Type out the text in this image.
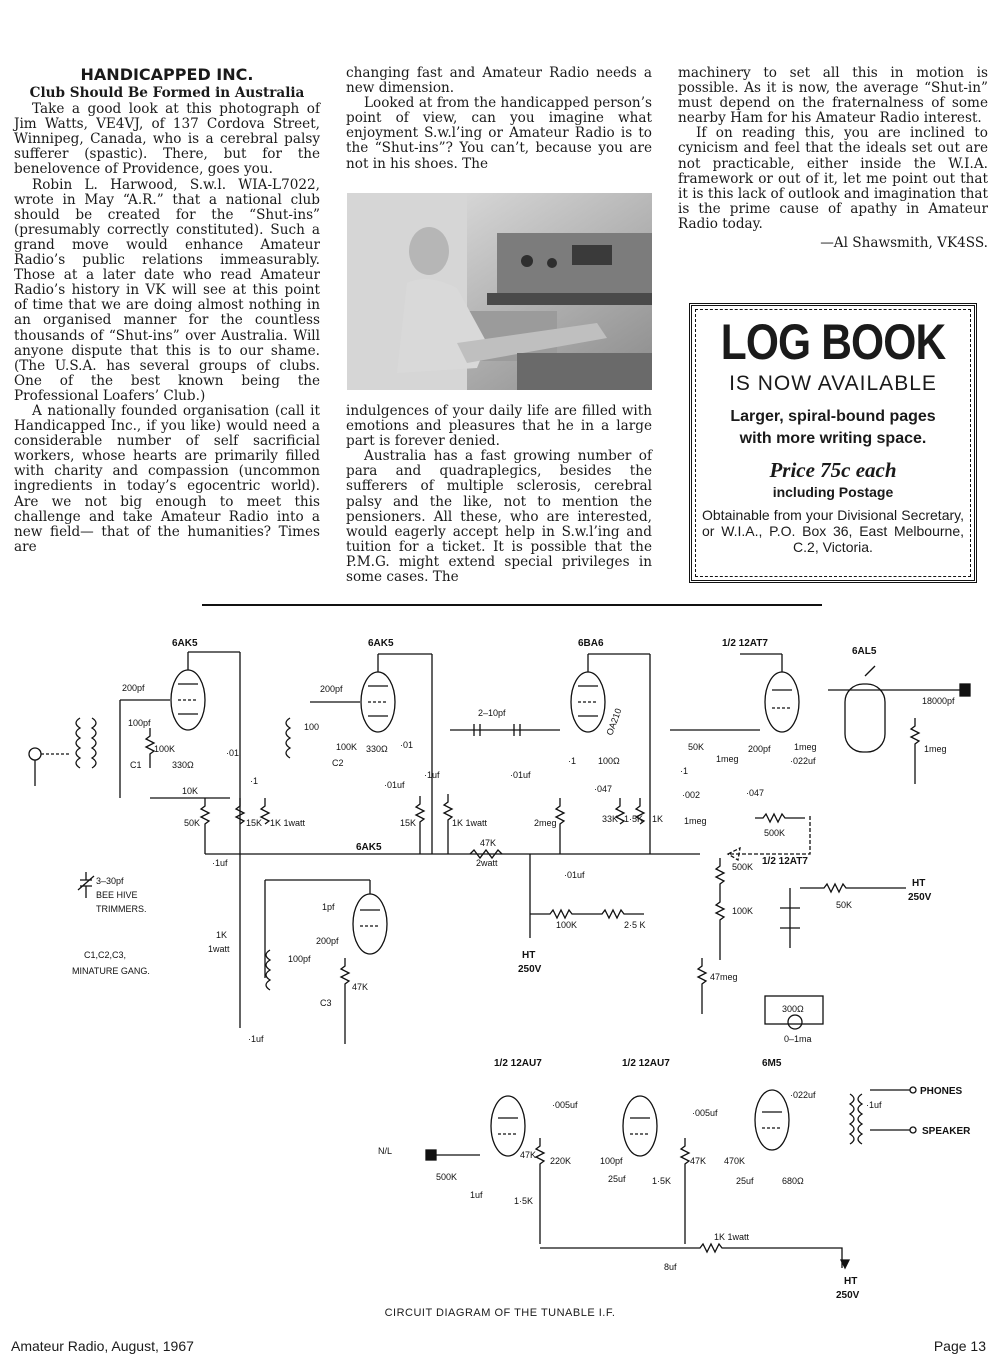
HANDICAPPED INC.
Club Should Be Formed in Australia

Take a good look at this photograph of Jim Watts, VE4VJ, of 137 Cordova Street, Winnipeg, Canada, who is a cerebral palsy sufferer (spastic). There, but for the benelovence of Providence, goes you.

Robin L. Harwood, S.w.l. WIA-L7022, wrote in May “A.R.” that a national club should be created for the “Shut-ins” (presumably correctly constituted). Such a grand move would enhance Amateur Radio’s public relations immeasurably. Those at a later date who read Amateur Radio’s history in VK will see at this point of time that we are doing almost nothing in an organised manner for the countless thousands of “Shut-ins” over Australia. Will anyone dispute that this is to our shame. (The U.S.A. has several groups of clubs. One of the best known being the Professional Loafers’ Club.)

A nationally founded organisation (call it Handicapped Inc., if you like) would need a considerable number of self sacrificial workers, whose hearts are primarily filled with charity and compassion (uncommon ingredients in today’s egocentric world). Are we not big enough to meet this challenge and take Amateur Radio into a new field— that of the humanities? Times are

changing fast and Amateur Radio needs a new dimension.

Looked at from the handicapped person’s point of view, can you imagine what enjoyment S.w.l’ing or Amateur Radio is to the “Shut-ins”? You can’t, because you are not in his shoes. The

indulgences of your daily life are filled with emotions and pleasures that he in a large part is forever denied.

Australia has a fast growing number of para and quadraplegics, besides the sufferers of multiple sclerosis, cerebral palsy and the like, not to mention the pensioners. All these, who are interested, would eagerly accept help in S.w.l’ing and tuition for a ticket. It is possible that the P.M.G. might extend special privileges in some cases. The

machinery to set all this in motion is possible. As it is now, the average “Shut-in” must depend on the fraternalness of some nearby Ham for his Amateur Radio interest.

If on reading this, you are inclined to cynicism and feel that the ideals set out are not practicable, either inside the W.I.A. framework or out of it, let me point out that it is this lack of outlook and imagination that is the prime cause of apathy in Amateur Radio today.

—Al Shawsmith, VK4SS.
LOG BOOK
IS NOW AVAILABLE
Larger, spiral-bound pages
with more writing space.
Price 75c each
including Postage
Obtainable from your Divisional Secretary, or W.I.A., P.O. Box 36, East Melbourne, C.2, Victoria.
47K
2watt
6AK5
200pf
100pf
C1
100K
330Ω
·01
10K
50K	15K 1K 1watt
·1
·1uf
3–30pf
BEE HIVE
TRIMMERS.
C1,C2,C3,
MINATURE GANG.
6AK5
200pf
100
C2
100K 330Ω ·01
·01uf
·1uf
15K	1K 1watt
2–10pf
6BA6
·01uf
2meg
·1
OA210
100Ω
·047
33K 1·5K 1K
1/2 12AT7
50K
·1
·002
1meg
200pf	1meg
·022uf
·047
500K
1meg
6AL5
18000pf
1meg
500K
100K
·01uf
6AK5
1pf
200pf
100pf
47K
C3
1K
1watt
·1uf
100K	2·5 K
HT
250V
1/2 12AT7
50K
HT
250V
47meg
300Ω
0–1ma
N/L
1/2 12AU7
500K
1uf
1·5K
·005uf
47K
1/2 12AU7
220K	100pf
25uf	1·5K
·005uf
47K
6M5
470K
25uf	680Ω
·022uf
·1uf
PHONES
SPEAKER
1K 1watt
8uf
HT
250V
CIRCUIT DIAGRAM OF THE TUNABLE I.F.
Amateur Radio, August, 1967	Page 13
